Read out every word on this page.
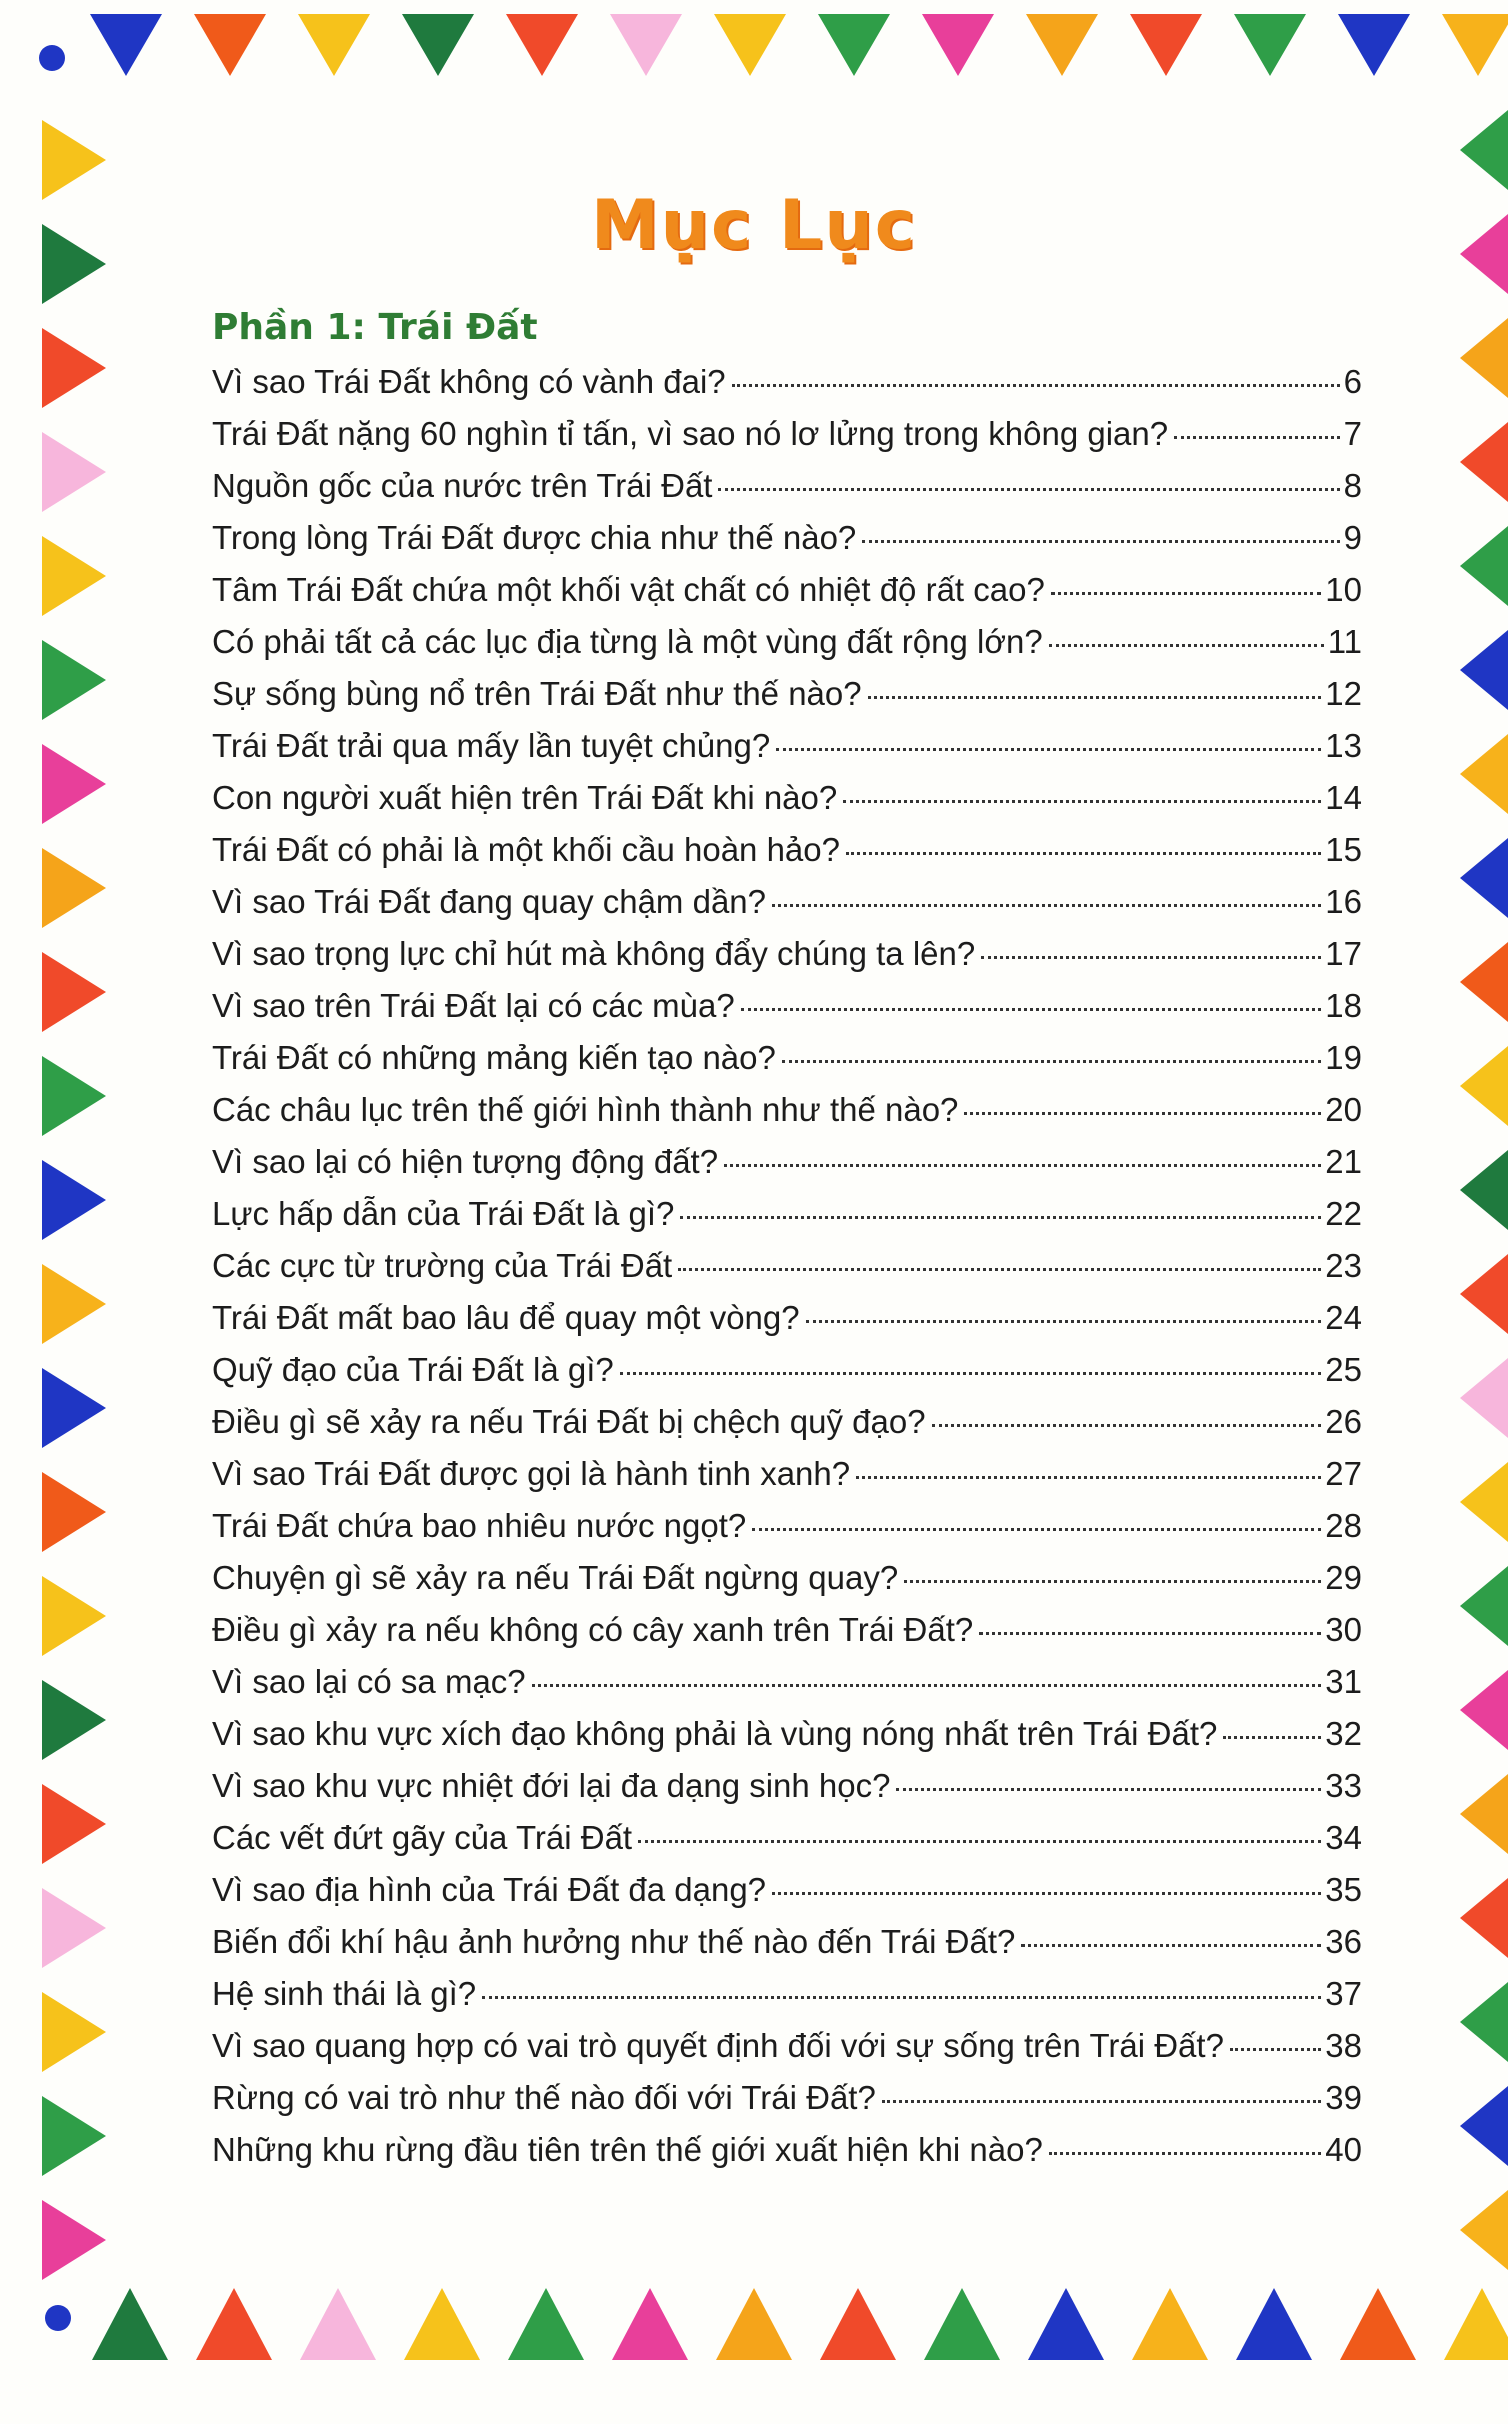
Mục Lục
Phần 1: Trái Đất
Vì sao Trái Đất không có vành đai?	6
Trái Đất nặng 60 nghìn tỉ tấn, vì sao nó lơ lửng trong không gian?	7
Nguồn gốc của nước trên Trái Đất	8
Trong lòng Trái Đất được chia như thế nào?	9
Tâm Trái Đất chứa một khối vật chất có nhiệt độ rất cao?	10
Có phải tất cả các lục địa từng là một vùng đất rộng lớn?	11
Sự sống bùng nổ trên Trái Đất như thế nào?	12
Trái Đất trải qua mấy lần tuyệt chủng?	13
Con người xuất hiện trên Trái Đất khi nào?	14
Trái Đất có phải là một khối cầu hoàn hảo?	15
Vì sao Trái Đất đang quay chậm dần?	16
Vì sao trọng lực chỉ hút mà không đẩy chúng ta lên?	17
Vì sao trên Trái Đất lại có các mùa?	18
Trái Đất có những mảng kiến tạo nào?	19
Các châu lục trên thế giới hình thành như thế nào?	20
Vì sao lại có hiện tượng động đất?	21
Lực hấp dẫn của Trái Đất là gì?	22
Các cực từ trường của Trái Đất	23
Trái Đất mất bao lâu để quay một vòng?	24
Quỹ đạo của Trái Đất là gì?	25
Điều gì sẽ xảy ra nếu Trái Đất bị chệch quỹ đạo?	26
Vì sao Trái Đất được gọi là hành tinh xanh?	27
Trái Đất chứa bao nhiêu nước ngọt?	28
Chuyện gì sẽ xảy ra nếu Trái Đất ngừng quay?	29
Điều gì xảy ra nếu không có cây xanh trên Trái Đất?	30
Vì sao lại có sa mạc?	31
Vì sao khu vực xích đạo không phải là vùng nóng nhất trên Trái Đất?	32
Vì sao khu vực nhiệt đới lại đa dạng sinh học?	33
Các vết đứt gãy của Trái Đất	34
Vì sao địa hình của Trái Đất đa dạng?	35
Biến đổi khí hậu ảnh hưởng như thế nào đến Trái Đất?	36
Hệ sinh thái là gì?	37
Vì sao quang hợp có vai trò quyết định đối với sự sống trên Trái Đất?	38
Rừng có vai trò như thế nào đối với Trái Đất?	39
Những khu rừng đầu tiên trên thế giới xuất hiện khi nào?	40
